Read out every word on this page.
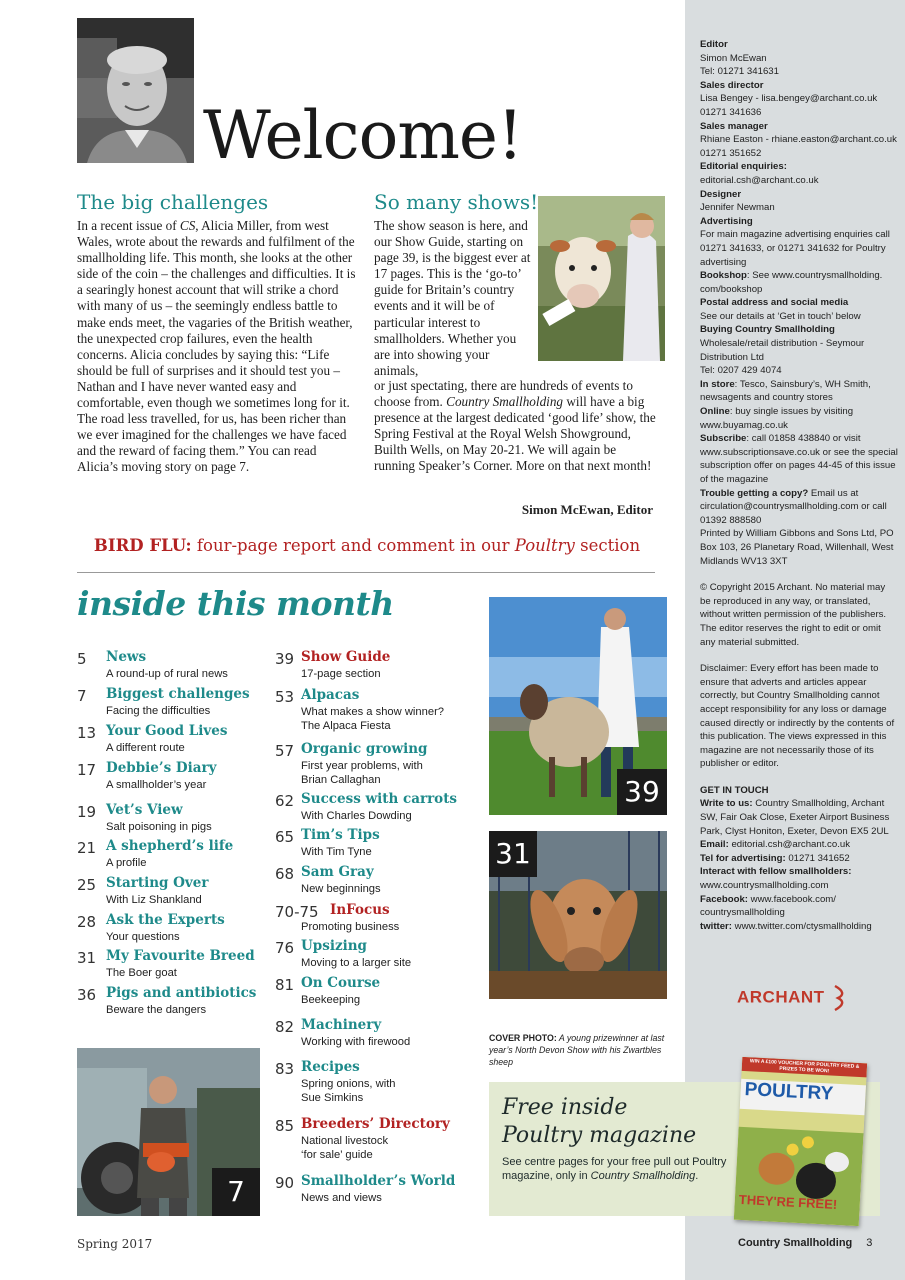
Editor
Simon McEwan
Tel: 01271 341631
Sales director
Lisa Bengey - lisa.bengey@archant.co.uk
01271 341636
Sales manager
Rhiane Easton - rhiane.easton@archant.co.uk
01271 351652
Editorial enquiries:
editorial.csh@archant.co.uk
Designer
Jennifer Newman
Advertising
For main magazine advertising enquiries call 01271 341633, or 01271 341632 for Poultry advertising
Bookshop: See www.countrysmallholding. com/bookshop
Postal address and social media
See our details at ‘Get in touch’ below
Buying Country Smallholding
Wholesale/retail distribution - Seymour Distribution Ltd
Tel: 0207 429 4074
In store: Tesco, Sainsbury’s, WH Smith, newsagents and country stores
Online: buy single issues by visiting www.buyamag.co.uk
Subscribe: call 01858 438840 or visit www.subscriptionsave.co.uk or see the special subscription offer on pages 44-45 of this issue of the magazine
Trouble getting a copy? Email us at circulation@countrysmallholding.com or call 01392 888580
Printed by William Gibbons and Sons Ltd, PO Box 103, 26 Planetary Road, Willenhall, West Midlands WV13 3XT
© Copyright 2015 Archant. No material may be reproduced in any way, or translated, without written permission of the publishers. The editor reserves the right to edit or omit any material submitted.
Disclaimer: Every effort has been made to ensure that adverts and articles appear correctly, but Country Smallholding cannot accept responsibility for any loss or damage caused directly or indirectly by the contents of this publication. The views expressed in this magazine are not necessarily those of its publisher or editor.
GET IN TOUCH
Write to us: Country Smallholding, Archant SW, Fair Oak Close, Exeter Airport Business Park, Clyst Honiton, Exeter, Devon EX5 2UL
Email: editorial.csh@archant.co.uk
Tel for advertising: 01271 341652
Interact with fellow smallholders: www.countrysmallholding.com
Facebook: www.facebook.com/ countrysmallholding
twitter: www.twitter.com/ctysmallholding
ARCHANT
Welcome!
The big challenges
In a recent issue of CS, Alicia Miller, from west Wales, wrote about the rewards and fulfilment of the smallholding life. This month, she looks at the other side of the coin – the challenges and difficulties. It is a searingly honest account that will strike a chord with many of us – the seemingly endless battle to make ends meet, the vagaries of the British weather, the unexpected crop failures, even the health concerns. Alicia concludes by saying this: “Life should be full of surprises and it should test you – Nathan and I have never wanted easy and comfortable, even though we sometimes long for it. The road less travelled, for us, has been richer than we ever imagined for the challenges we have faced and the reward of facing them.” You can read Alicia’s moving story on page 7.
So many shows!
The show season is here, and our Show Guide, starting on page 39, is the biggest ever at 17 pages. This is the ‘go-to’ guide for Britain’s country events and it will be of particular interest to smallholders. Whether you are into showing your animals,
or just spectating, there are hundreds of events to choose from. Country Smallholding will have a big presence at the largest dedicated ‘good life’ show, the Spring Festival at the Royal Welsh Showground, Builth Wells, on May 20-21. We will again be running Speaker’s Corner. More on that next month!
Simon McEwan, Editor
BIRD FLU: four-page report and comment in our Poultry section
inside this month
5 News
A round-up of rural news
7 Biggest challenges
Facing the difficulties
13 Your Good Lives
A different route
17 Debbie’s Diary
A smallholder’s year
19 Vet’s View
Salt poisoning in pigs
21 A shepherd’s life
A profile
25 Starting Over
With Liz Shankland
28 Ask the Experts
Your questions
31 My Favourite Breed
The Boer goat
36 Pigs and antibiotics
Beware the dangers
39 Show Guide
17-page section
53 Alpacas
What makes a show winner?
The Alpaca Fiesta
57 Organic growing
First year problems, with
Brian Callaghan
62 Success with carrots
With Charles Dowding
65 Tim’s Tips
With Tim Tyne
68 Sam Gray
New beginnings
70-75 InFocus
Promoting business
76 Upsizing
Moving to a larger site
81 On Course
Beekeeping
82 Machinery
Working with firewood
83 Recipes
Spring onions, with
Sue Simkins
85 Breeders’ Directory
National livestock
‘for sale’ guide
90 Smallholder’s World
News and views
39
31
7
COVER PHOTO: A young prizewinner at last year’s North Devon Show with his Zwartbles sheep
Free inside
Poultry magazine
See centre pages for your free pull out Poultry magazine, only in Country Smallholding.
WIN A £100 VOUCHER FOR POULTRY FEED & PRIZES TO BE WON!
POULTRY
THEY'RE FREE!
Spring 2017	Country Smallholding 3
